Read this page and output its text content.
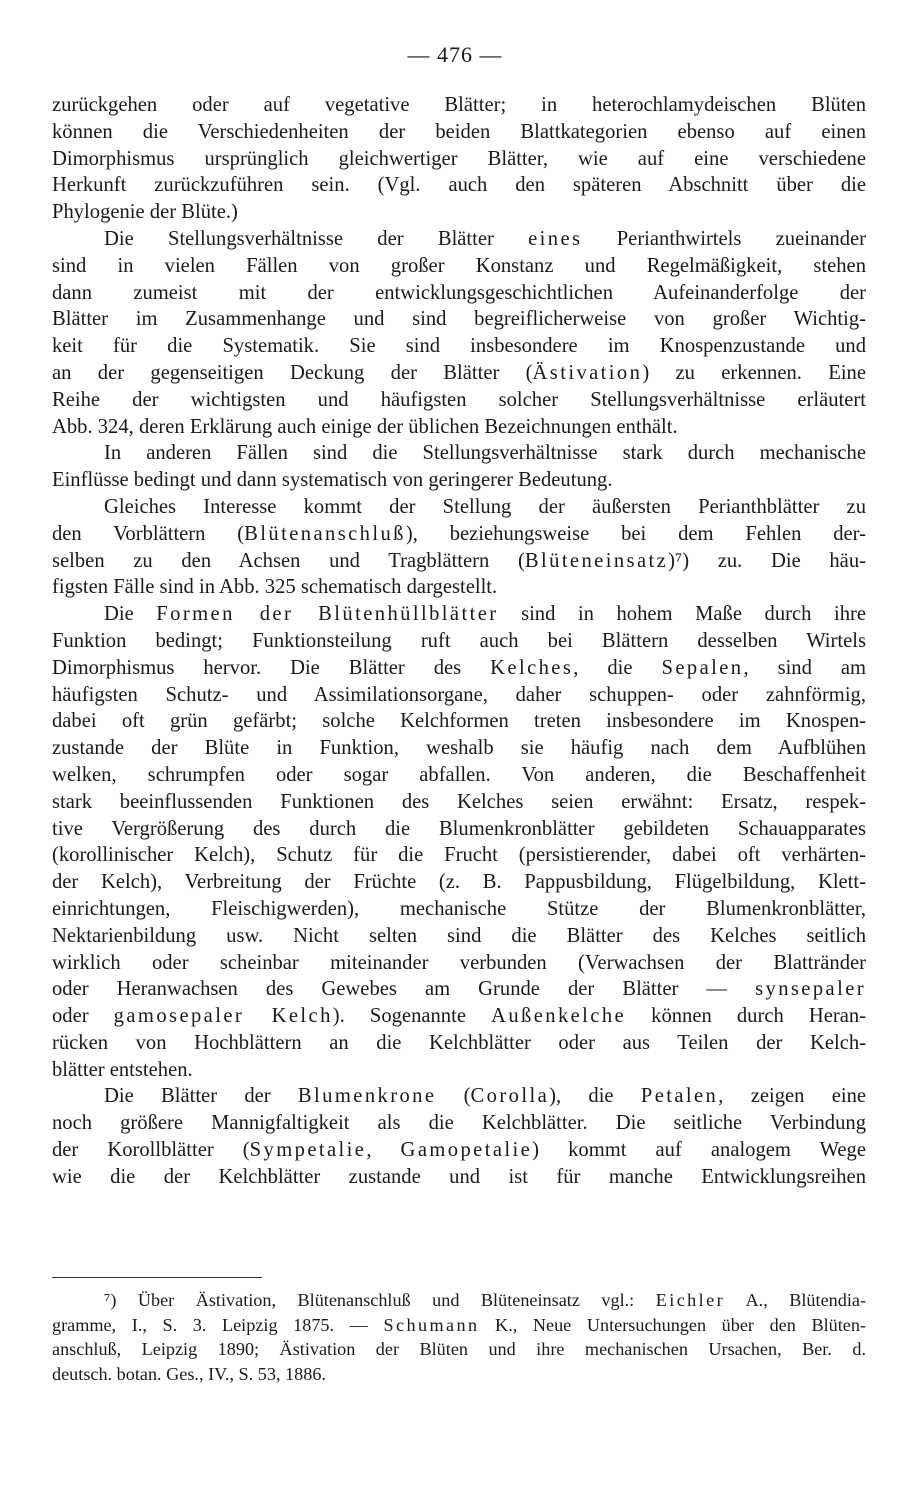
— 476 —
zurückgehen oder auf vegetative Blätter; in heterochlamydeischen Blüten
können die Verschiedenheiten der beiden Blattkategorien ebenso auf einen
Dimorphismus ursprünglich gleichwertiger Blätter, wie auf eine verschiedene
Herkunft zurückzuführen sein. (Vgl. auch den späteren Abschnitt über die
Phylogenie der Blüte.)
Die Stellungsverhältnisse der Blätter eines Perianthwirtels zueinander
sind in vielen Fällen von großer Konstanz und Regelmäßigkeit, stehen
dann zumeist mit der entwicklungsgeschichtlichen Aufeinanderfolge der
Blätter im Zusammenhange und sind begreiflicherweise von großer Wichtig-
keit für die Systematik. Sie sind insbesondere im Knospenzustande und
an der gegenseitigen Deckung der Blätter (Ästivation) zu erkennen. Eine
Reihe der wichtigsten und häufigsten solcher Stellungsverhältnisse erläutert
Abb. 324, deren Erklärung auch einige der üblichen Bezeichnungen enthält.
In anderen Fällen sind die Stellungsverhältnisse stark durch mechanische
Einflüsse bedingt und dann systematisch von geringerer Bedeutung.
Gleiches Interesse kommt der Stellung der äußersten Perianthblätter zu
den Vorblättern (Blütenanschluß), beziehungsweise bei dem Fehlen der-
selben zu den Achsen und Tragblättern (Blüteneinsatz)⁷) zu. Die häu-
figsten Fälle sind in Abb. 325 schematisch dargestellt.
Die Formen der Blütenhüllblätter sind in hohem Maße durch ihre
Funktion bedingt; Funktionsteilung ruft auch bei Blättern desselben Wirtels
Dimorphismus hervor. Die Blätter des Kelches, die Sepalen, sind am
häufigsten Schutz- und Assimilationsorgane, daher schuppen- oder zahnförmig,
dabei oft grün gefärbt; solche Kelchformen treten insbesondere im Knospen-
zustande der Blüte in Funktion, weshalb sie häufig nach dem Aufblühen
welken, schrumpfen oder sogar abfallen. Von anderen, die Beschaffenheit
stark beeinflussenden Funktionen des Kelches seien erwähnt: Ersatz, respek-
tive Vergrößerung des durch die Blumenkronblätter gebildeten Schauapparates
(korollinischer Kelch), Schutz für die Frucht (persistierender, dabei oft verhärten-
der Kelch), Verbreitung der Früchte (z. B. Pappusbildung, Flügelbildung, Klett-
einrichtungen, Fleischigwerden), mechanische Stütze der Blumenkronblätter,
Nektarienbildung usw. Nicht selten sind die Blätter des Kelches seitlich
wirklich oder scheinbar miteinander verbunden (Verwachsen der Blattränder
oder Heranwachsen des Gewebes am Grunde der Blätter — synsepaler
oder gamosepaler Kelch). Sogenannte Außenkelche können durch Heran-
rücken von Hochblättern an die Kelchblätter oder aus Teilen der Kelch-
blätter entstehen.
Die Blätter der Blumenkrone (Corolla), die Petalen, zeigen eine
noch größere Mannigfaltigkeit als die Kelchblätter. Die seitliche Verbindung
der Korollblätter (Sympetalie, Gamopetalie) kommt auf analogem Wege
wie die der Kelchblätter zustande und ist für manche Entwicklungsreihen
⁷) Über Ästivation, Blütenanschluß und Blüteneinsatz vgl.: Eichler A., Blütendia-
gramme, I., S. 3. Leipzig 1875. — Schumann K., Neue Untersuchungen über den Blüten-
anschluß, Leipzig 1890; Ästivation der Blüten und ihre mechanischen Ursachen, Ber. d.
deutsch. botan. Ges., IV., S. 53, 1886.
